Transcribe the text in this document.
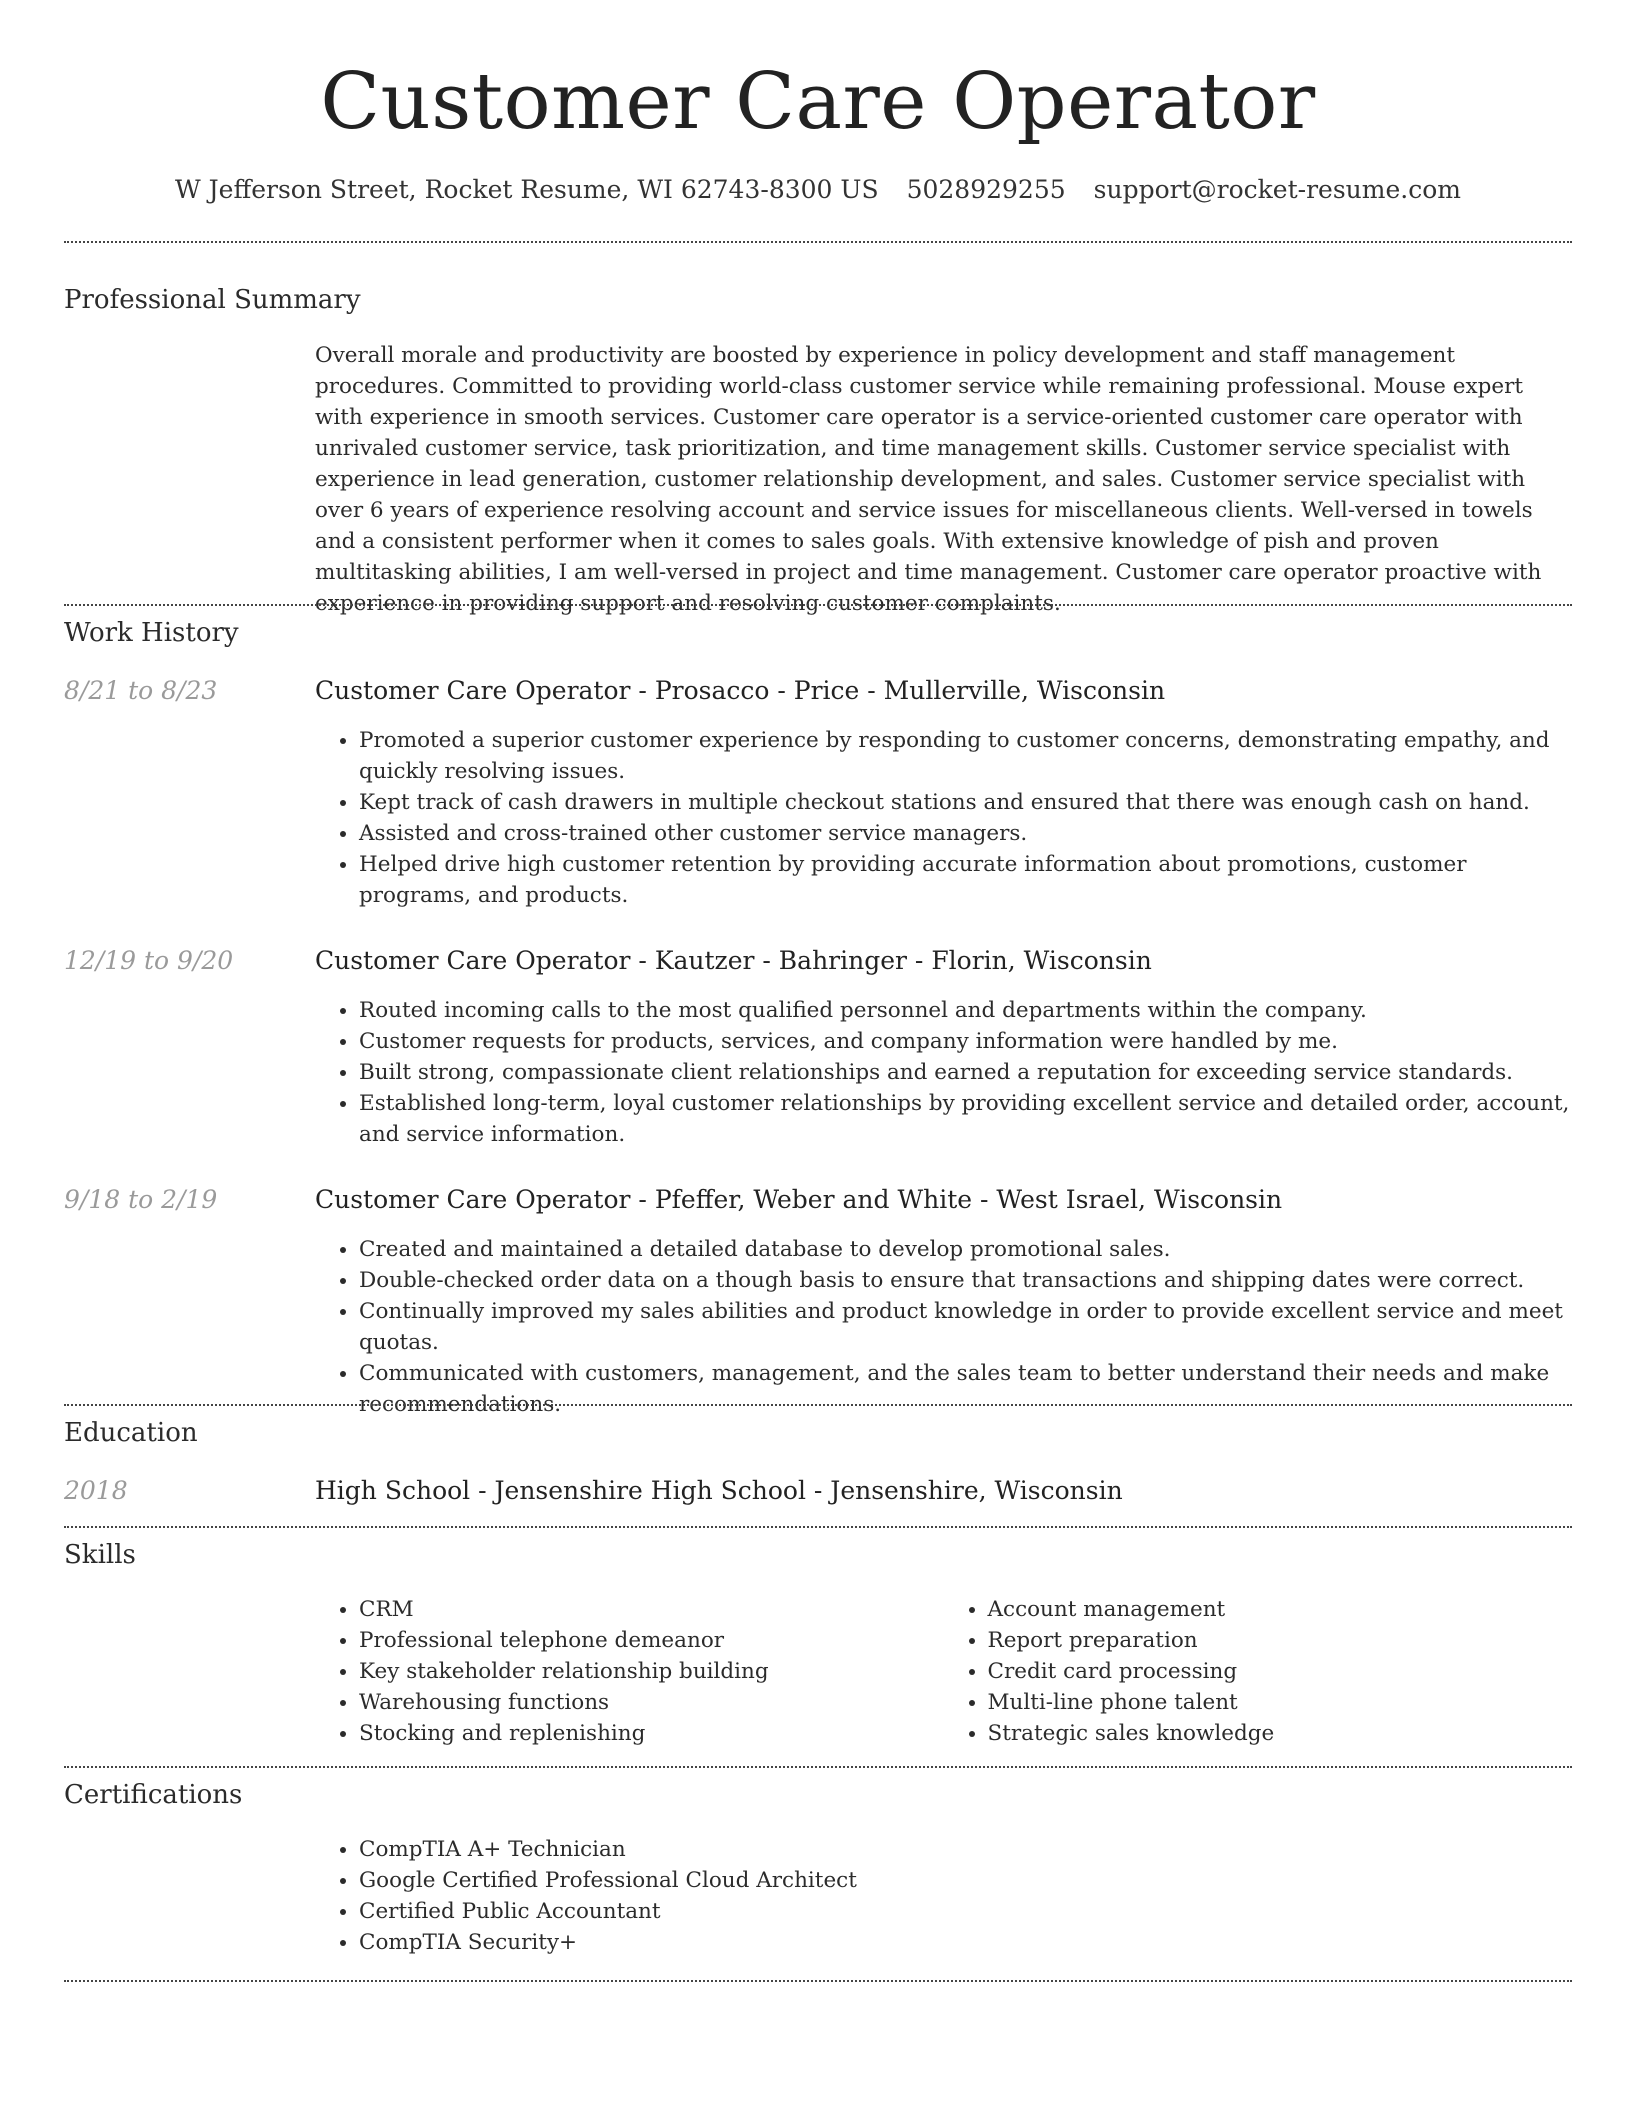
Customer Care Operator
W Jefferson Street, Rocket Resume, WI 62743-8300 US 5028929255 support@rocket-resume.com
Professional Summary

Overall morale and productivity are boosted by experience in policy development and staff management procedures. Committed to providing world-class customer service while remaining professional. Mouse expert with experience in smooth services. Customer care operator is a service-oriented customer care operator with unrivaled customer service, task prioritization, and time management skills. Customer service specialist with experience in lead generation, customer relationship development, and sales. Customer service specialist with over 6 years of experience resolving account and service issues for miscellaneous clients. Well-versed in towels and a consistent performer when it comes to sales goals. With extensive knowledge of pish and proven multitasking abilities, I am well-versed in project and time management. Customer care operator proactive with experience in providing support and resolving customer complaints.

Work History
8/21 to 8/23	Customer Care Operator - Prosacco - Price - Mullerville, Wisconsin
• Promoted a superior customer experience by responding to customer concerns, demonstrating empathy, and quickly resolving issues.
• Kept track of cash drawers in multiple checkout stations and ensured that there was enough cash on hand.
• Assisted and cross-trained other customer service managers.
• Helped drive high customer retention by providing accurate information about promotions, customer programs, and products.
12/19 to 9/20	Customer Care Operator - Kautzer - Bahringer - Florin, Wisconsin
• Routed incoming calls to the most qualified personnel and departments within the company.
• Customer requests for products, services, and company information were handled by me.
• Built strong, compassionate client relationships and earned a reputation for exceeding service standards.
• Established long-term, loyal customer relationships by providing excellent service and detailed order, account, and service information.
9/18 to 2/19	Customer Care Operator - Pfeffer, Weber and White - West Israel, Wisconsin
• Created and maintained a detailed database to develop promotional sales.
• Double-checked order data on a though basis to ensure that transactions and shipping dates were correct.
• Continually improved my sales abilities and product knowledge in order to provide excellent service and meet quotas.
• Communicated with customers, management, and the sales team to better understand their needs and make recommendations.
Education
2018	High School - Jensenshire High School - Jensenshire, Wisconsin
Skills
• CRM
• Professional telephone demeanor
• Key stakeholder relationship building
• Warehousing functions
• Stocking and replenishing
• Account management
• Report preparation
• Credit card processing
• Multi-line phone talent
• Strategic sales knowledge
Certifications
• CompTIA A+ Technician
• Google Certified Professional Cloud Architect
• Certified Public Accountant
• CompTIA Security+
